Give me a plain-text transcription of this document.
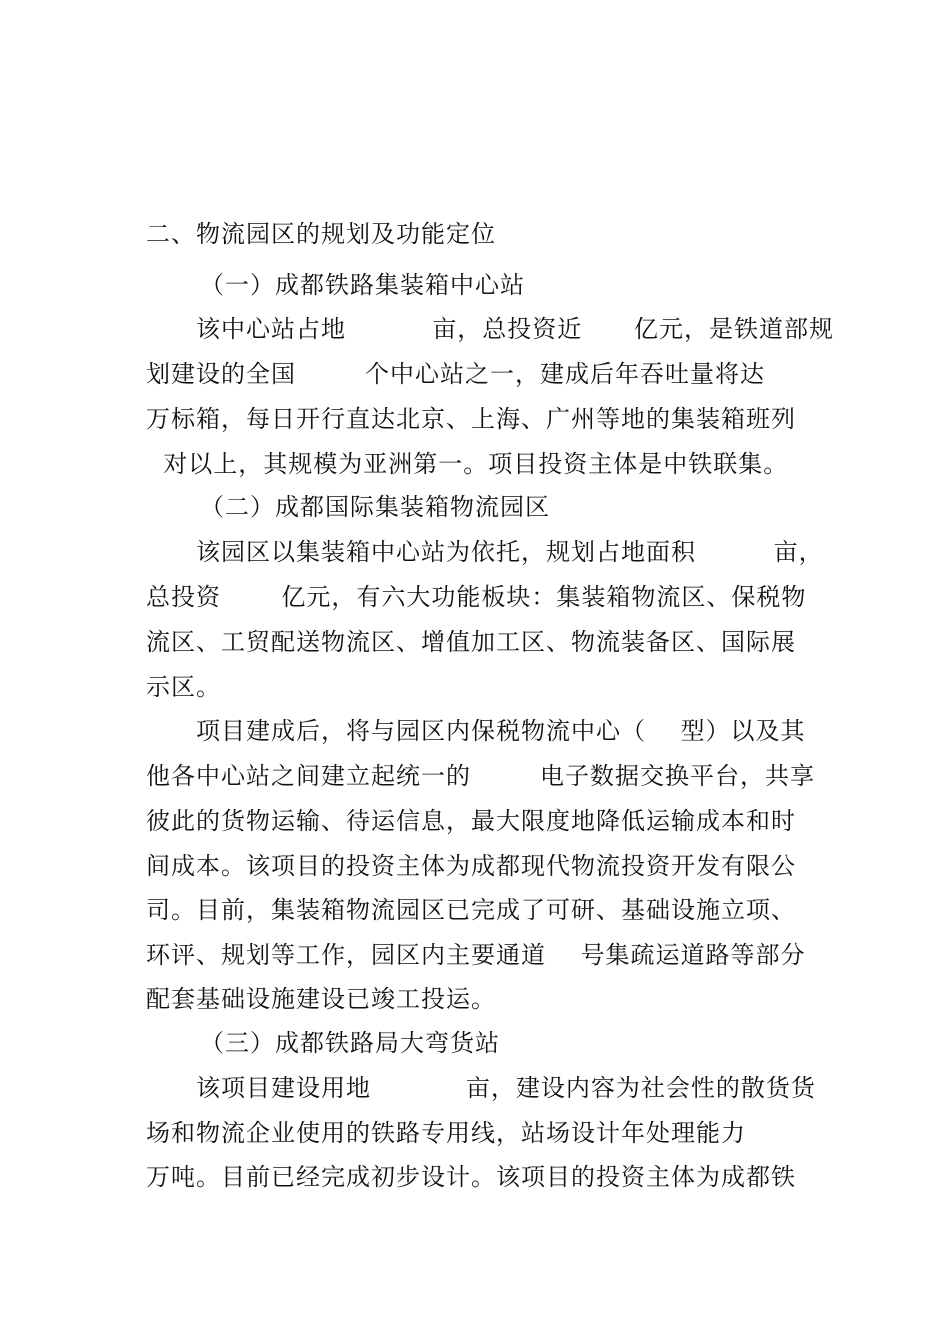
二、物流园区的规划及功能定位
（一）成都铁路集装箱中心站
该中心站占地          亩，总投资近      亿元，是铁道部规
划建设的全国        个中心站之一，建成后年吞吐量将达
万标箱，每日开行直达北京、上海、广州等地的集装箱班列
对以上，其规模为亚洲第一。项目投资主体是中铁联集。
（二）成都国际集装箱物流园区
该园区以集装箱中心站为依托，规划占地面积         亩，
总投资       亿元，有六大功能板块：集装箱物流区、保税物
流区、工贸配送物流区、增值加工区、物流装备区、国际展
示区。
项目建成后，将与园区内保税物流中心（    型）以及其
他各中心站之间建立起统一的        电子数据交换平台，共享
彼此的货物运输、待运信息，最大限度地降低运输成本和时
间成本。该项目的投资主体为成都现代物流投资开发有限公
司。目前，集装箱物流园区已完成了可研、基础设施立项、
环评、规划等工作，园区内主要通道    号集疏运道路等部分
配套基础设施建设已竣工投运。
（三）成都铁路局大弯货站
该项目建设用地           亩，建设内容为社会性的散货货
场和物流企业使用的铁路专用线，站场设计年处理能力
万吨。目前已经完成初步设计。该项目的投资主体为成都铁
